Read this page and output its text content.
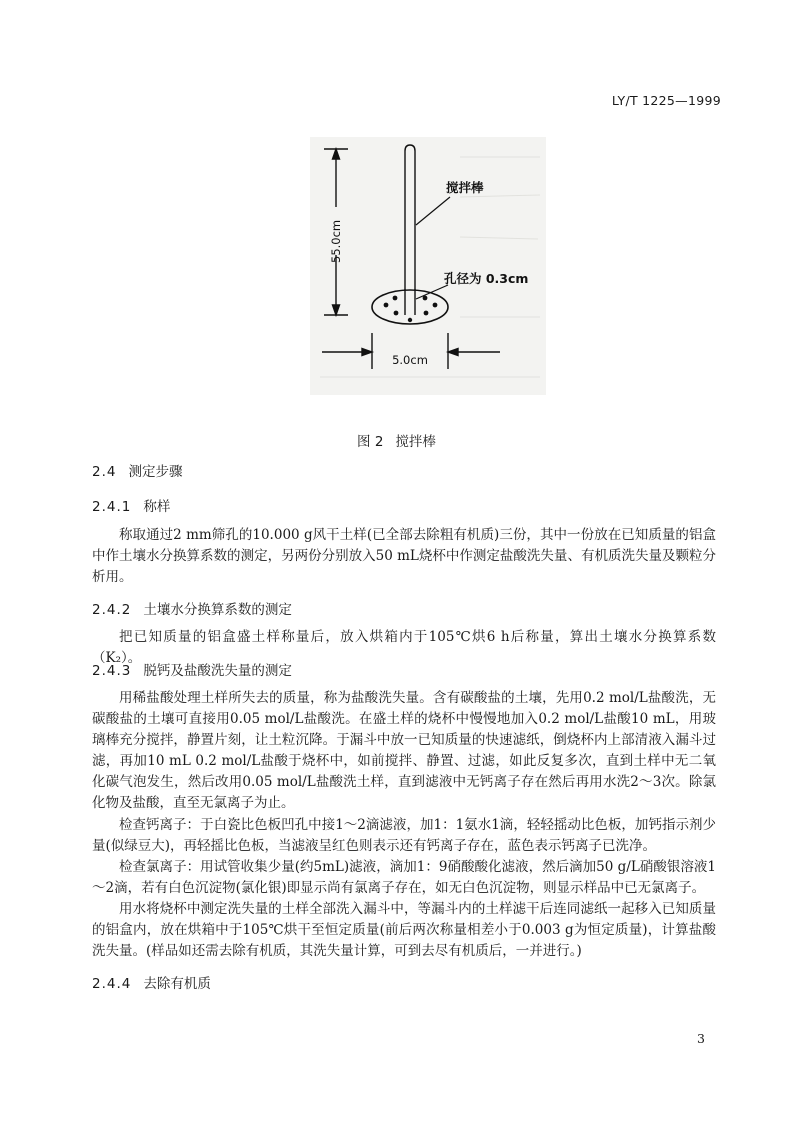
LY/T 1225—1999
55.0cm
搅拌棒
孔径为 0.3cm
5.0cm
图 2 搅拌棒
2.4 测定步骤
2.4.1 称样

称取通过2 mm筛孔的10.000 g风干土样(已全部去除粗有机质)三份，其中一份放在已知质量的铝盒中作土壤水分换算系数的测定，另两份分别放入50 mL烧杯中作测定盐酸洗失量、有机质洗失量及颗粒分析用。

2.4.2 土壤水分换算系数的测定

把已知质量的铝盒盛土样称量后，放入烘箱内于105℃烘6 h后称量，算出土壤水分换算系数（K₂）。

2.4.3 脱钙及盐酸洗失量的测定

用稀盐酸处理土样所失去的质量，称为盐酸洗失量。含有碳酸盐的土壤，先用0.2 mol/L盐酸洗，无碳酸盐的土壤可直接用0.05 mol/L盐酸洗。在盛土样的烧杯中慢慢地加入0.2 mol/L盐酸10 mL，用玻璃棒充分搅拌，静置片刻，让土粒沉降。于漏斗中放一已知质量的快速滤纸，倒烧杯内上部清液入漏斗过滤，再加10 mL 0.2 mol/L盐酸于烧杯中，如前搅拌、静置、过滤，如此反复多次，直到土样中无二氧化碳气泡发生，然后改用0.05 mol/L盐酸洗土样，直到滤液中无钙离子存在然后再用水洗2～3次。除氯化物及盐酸，直至无氯离子为止。

检查钙离子：于白瓷比色板凹孔中接1～2滴滤液，加1：1氨水1滴，轻轻摇动比色板，加钙指示剂少量(似绿豆大)，再轻摇比色板，当滤液呈红色则表示还有钙离子存在，蓝色表示钙离子已洗净。

检查氯离子：用试管收集少量(约5mL)滤液，滴加1：9硝酸酸化滤液，然后滴加50 g/L硝酸银溶液1～2滴，若有白色沉淀物(氯化银)即显示尚有氯离子存在，如无白色沉淀物，则显示样品中已无氯离子。

用水将烧杯中测定洗失量的土样全部洗入漏斗中，等漏斗内的土样滤干后连同滤纸一起移入已知质量的铝盒内，放在烘箱中于105℃烘干至恒定质量(前后两次称量相差小于0.003 g为恒定质量)，计算盐酸洗失量。(样品如还需去除有机质，其洗失量计算，可到去尽有机质后，一并进行。)

2.4.4 去除有机质
3
